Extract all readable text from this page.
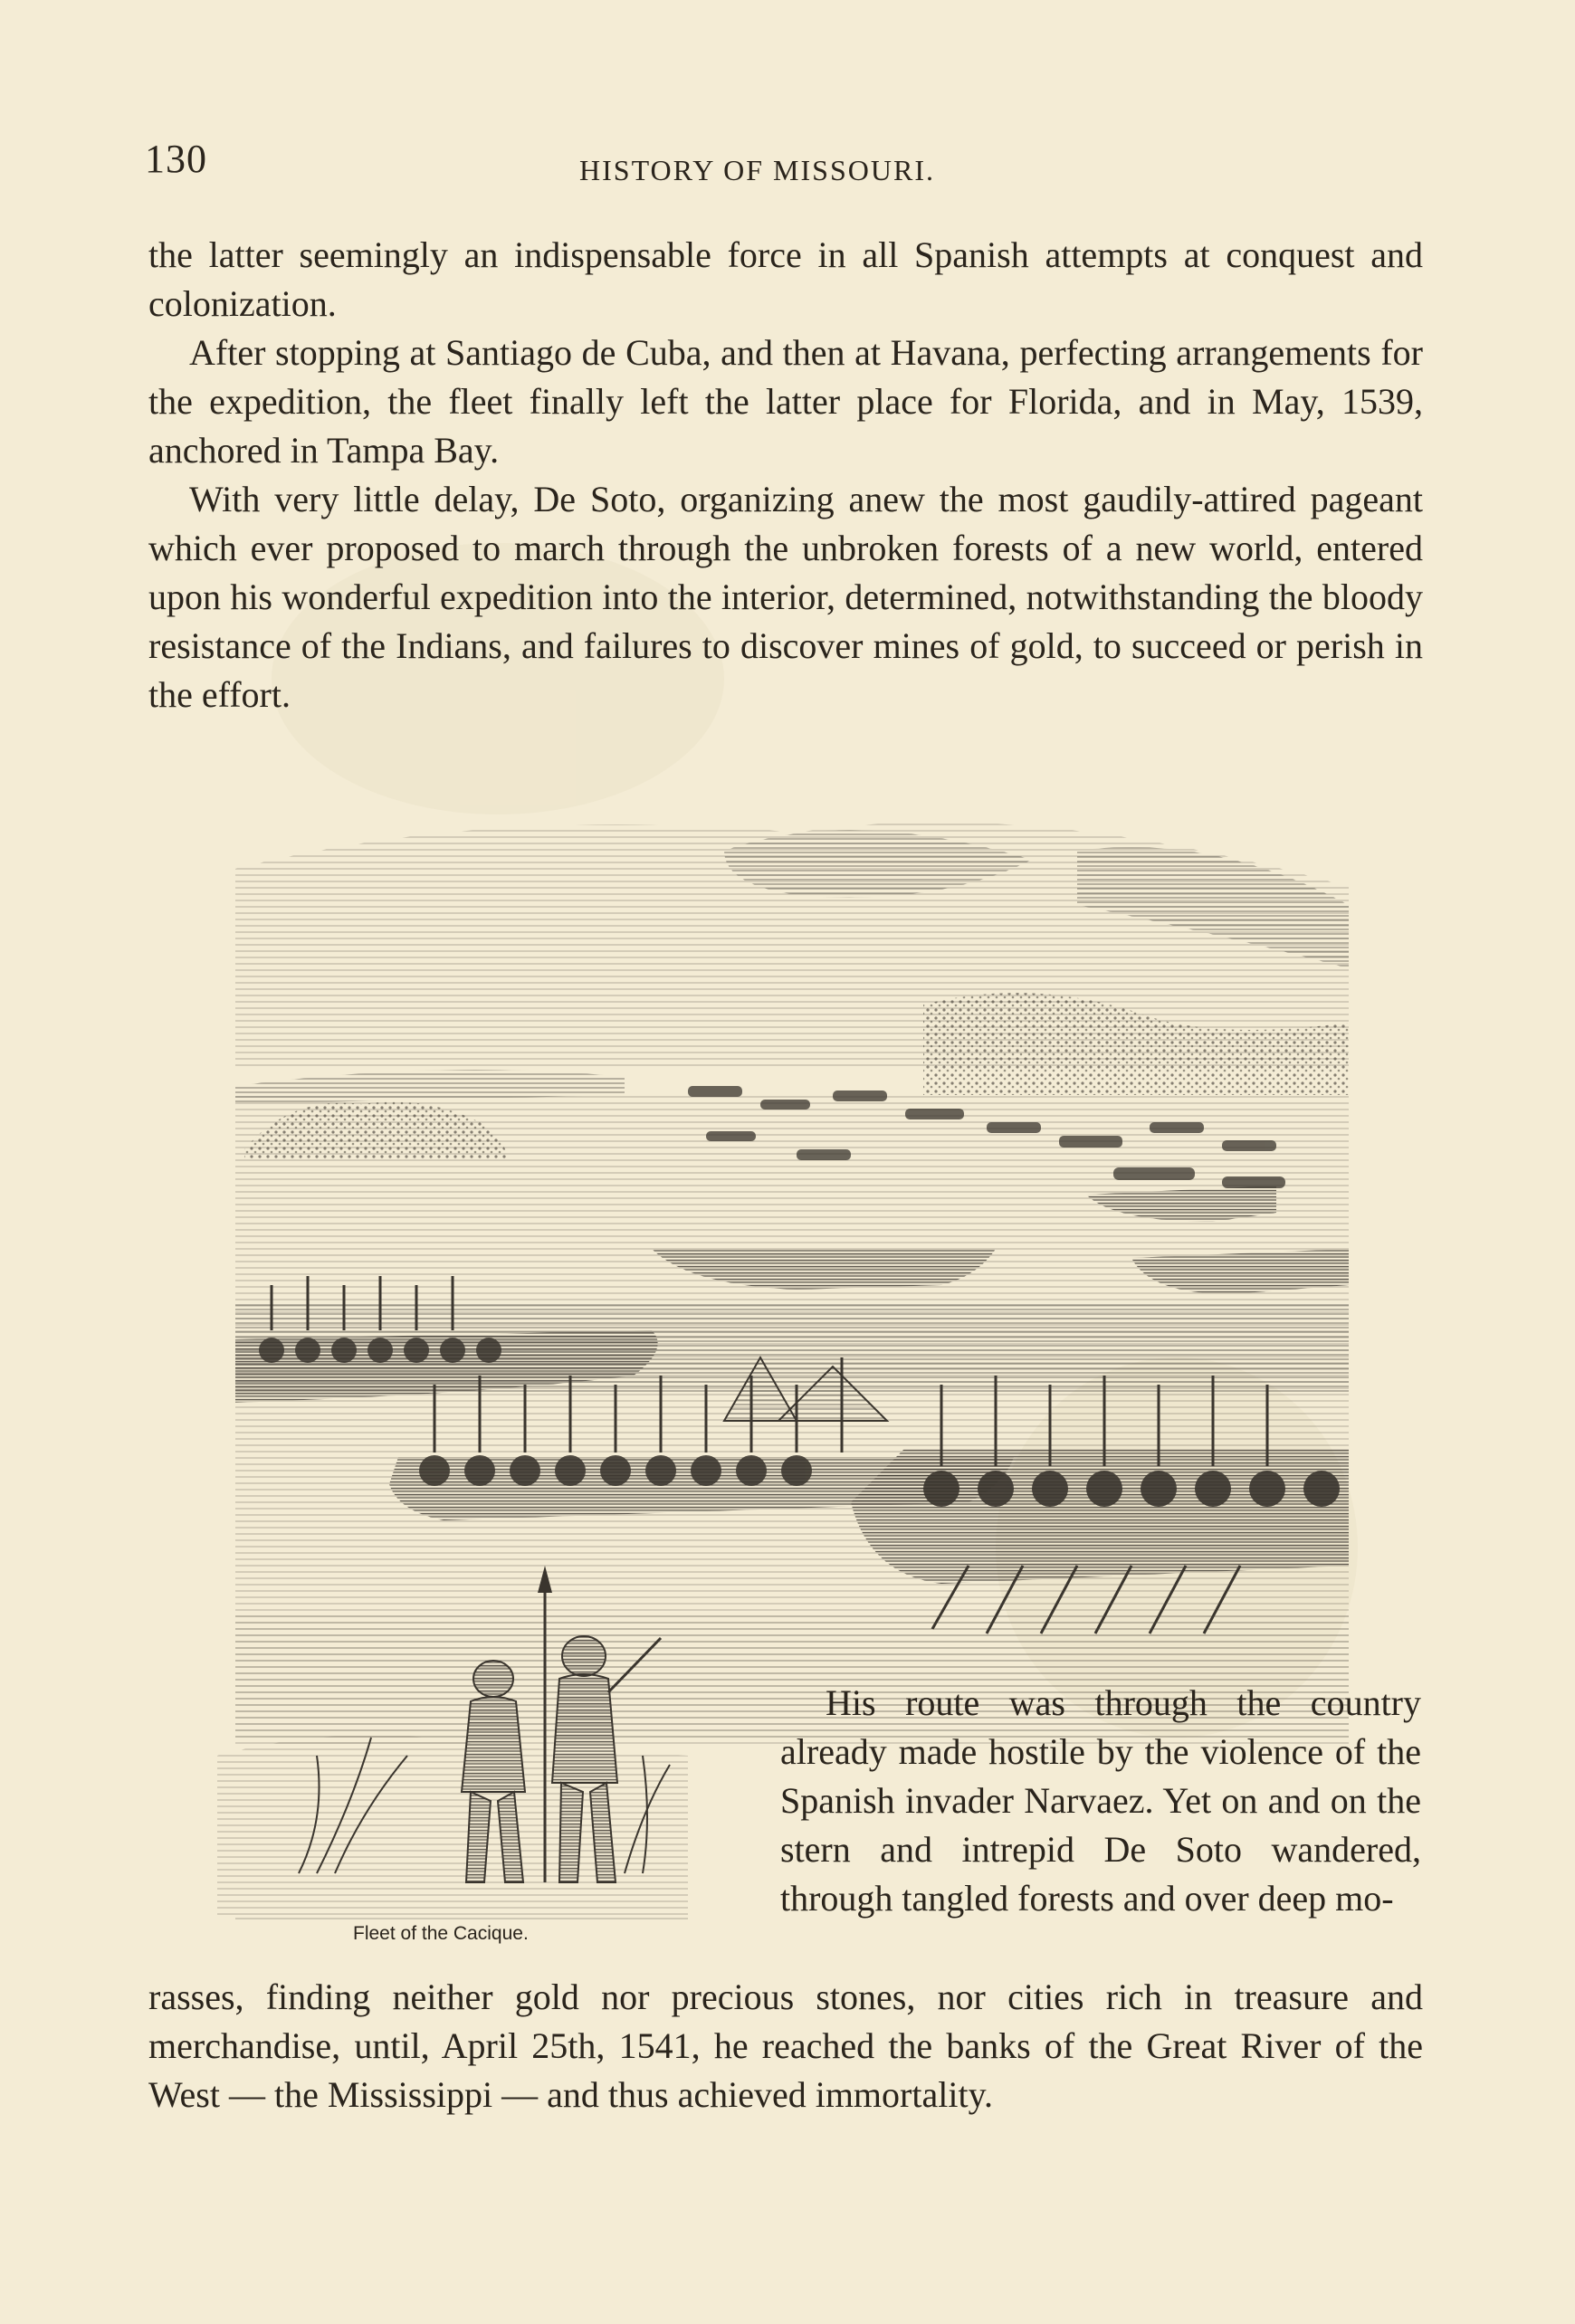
130	HISTORY OF MISSOURI.

the latter seemingly an indispensable force in all Spanish attempts at conquest and colonization.

After stopping at Santiago de Cuba, and then at Havana, perfecting arrangements for the expedition, the fleet finally left the latter place for Florida, and in May, 1539, anchored in Tampa Bay.

With very little delay, De Soto, organizing anew the most gaudily-attired pageant which ever proposed to march through the unbroken forests of a new world, entered upon his wonderful expedition into the interior, determined, notwithstanding the bloody resistance of the Indians, and failures to discover mines of gold, to succeed or perish in the effort.

Fleet of the Cacique.

His route was through the country already made hostile by the violence of the Spanish invader Narvaez. Yet on and on the stern and intrepid De Soto wandered, through tangled forests and over deep mo-

rasses, finding neither gold nor precious stones, nor cities rich in treasure and merchandise, until, April 25th, 1541, he reached the banks of the Great River of the West — the Mississippi — and thus achieved immortality.
